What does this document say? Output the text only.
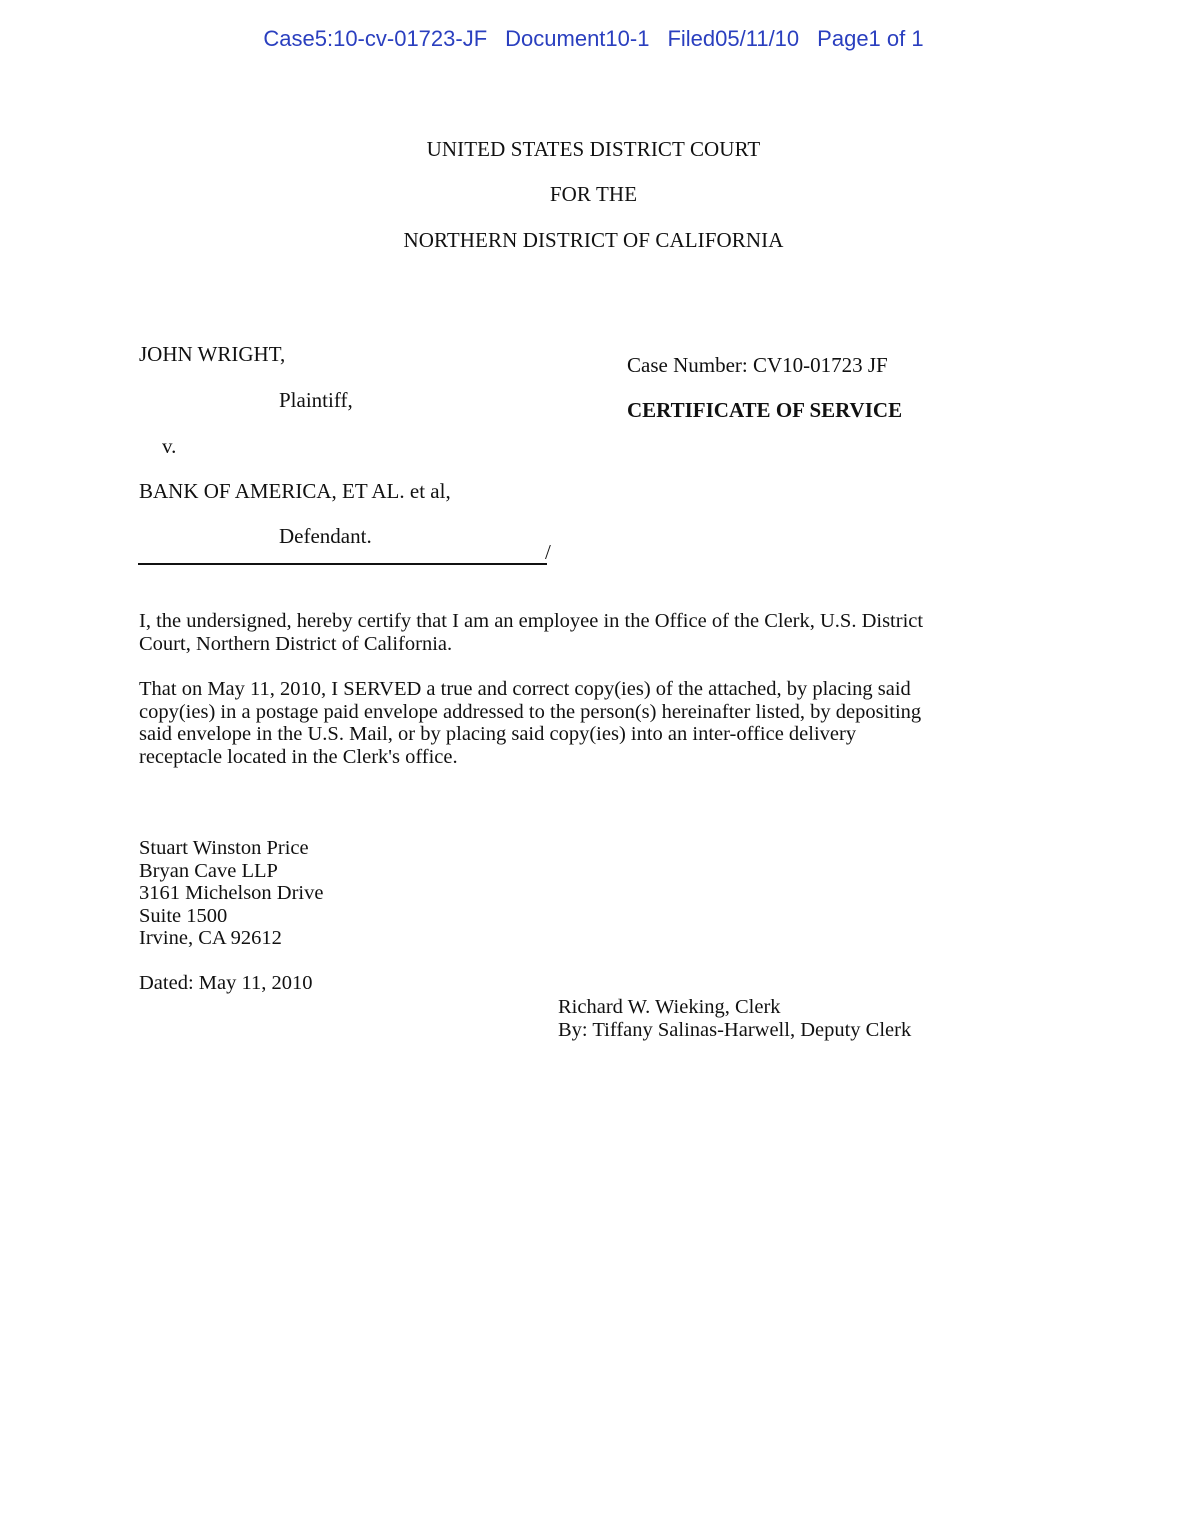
Case5:10-cv-01723-JF Document10-1 Filed05/11/10 Page1 of 1
UNITED STATES DISTRICT COURT
FOR THE
NORTHERN DISTRICT OF CALIFORNIA
JOHN WRIGHT,
Plaintiff,
v.
BANK OF AMERICA, ET AL. et al,
Defendant.
/
Case Number: CV10-01723 JF
CERTIFICATE OF SERVICE
I, the undersigned, hereby certify that I am an employee in the Office of the Clerk, U.S. District
Court, Northern District of California.
That on May 11, 2010, I SERVED a true and correct copy(ies) of the attached, by placing said
copy(ies) in a postage paid envelope addressed to the person(s) hereinafter listed, by depositing
said envelope in the U.S. Mail, or by placing said copy(ies) into an inter-office delivery
receptacle located in the Clerk's office.
Stuart Winston Price
Bryan Cave LLP
3161 Michelson Drive
Suite 1500
Irvine, CA 92612
Dated: May 11, 2010
Richard W. Wieking, Clerk
By: Tiffany Salinas-Harwell, Deputy Clerk
